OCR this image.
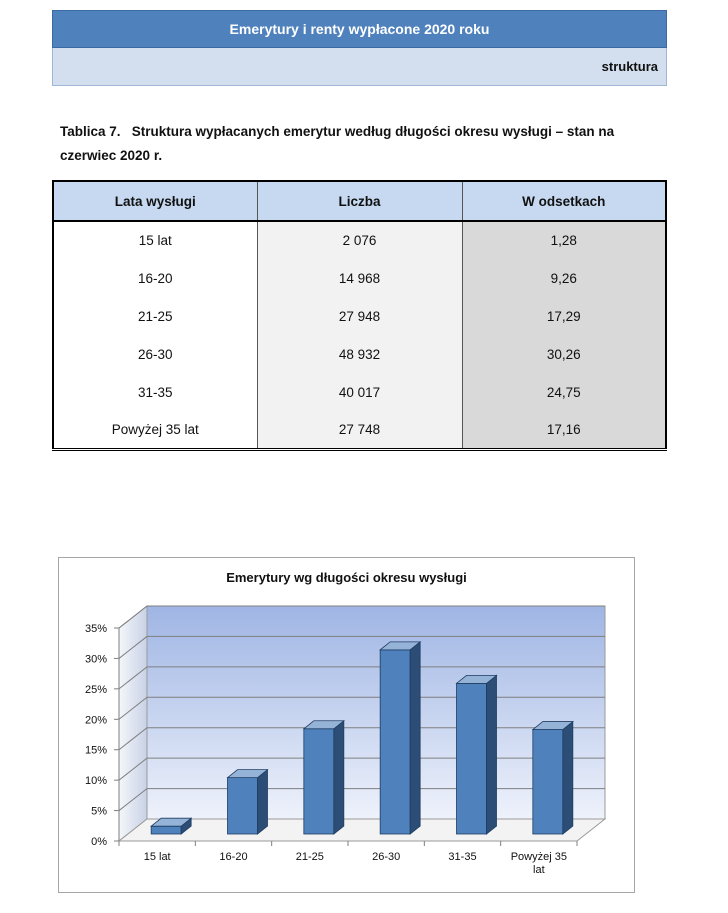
Emerytury i renty wypłacone 2020 roku
struktura
Tablica 7.   Struktura wypłacanych emerytur według długości okresu wysługi – stan na
czerwiec 2020 r.
Lata wysługi	Liczba	W odsetkach
15 lat	2 076	1,28
16-20	14 968	9,26
21-25	27 948	17,29
26-30	48 932	30,26
31-35	40 017	24,75
Powyżej 35 lat	27 748	17,16
Emerytury wg długości okresu wysługi
0%
5%
10%
15%
20%
25%
30%
35%
15 lat	16-20	21-25	26-30	31-35	Powyżej 35
lat
